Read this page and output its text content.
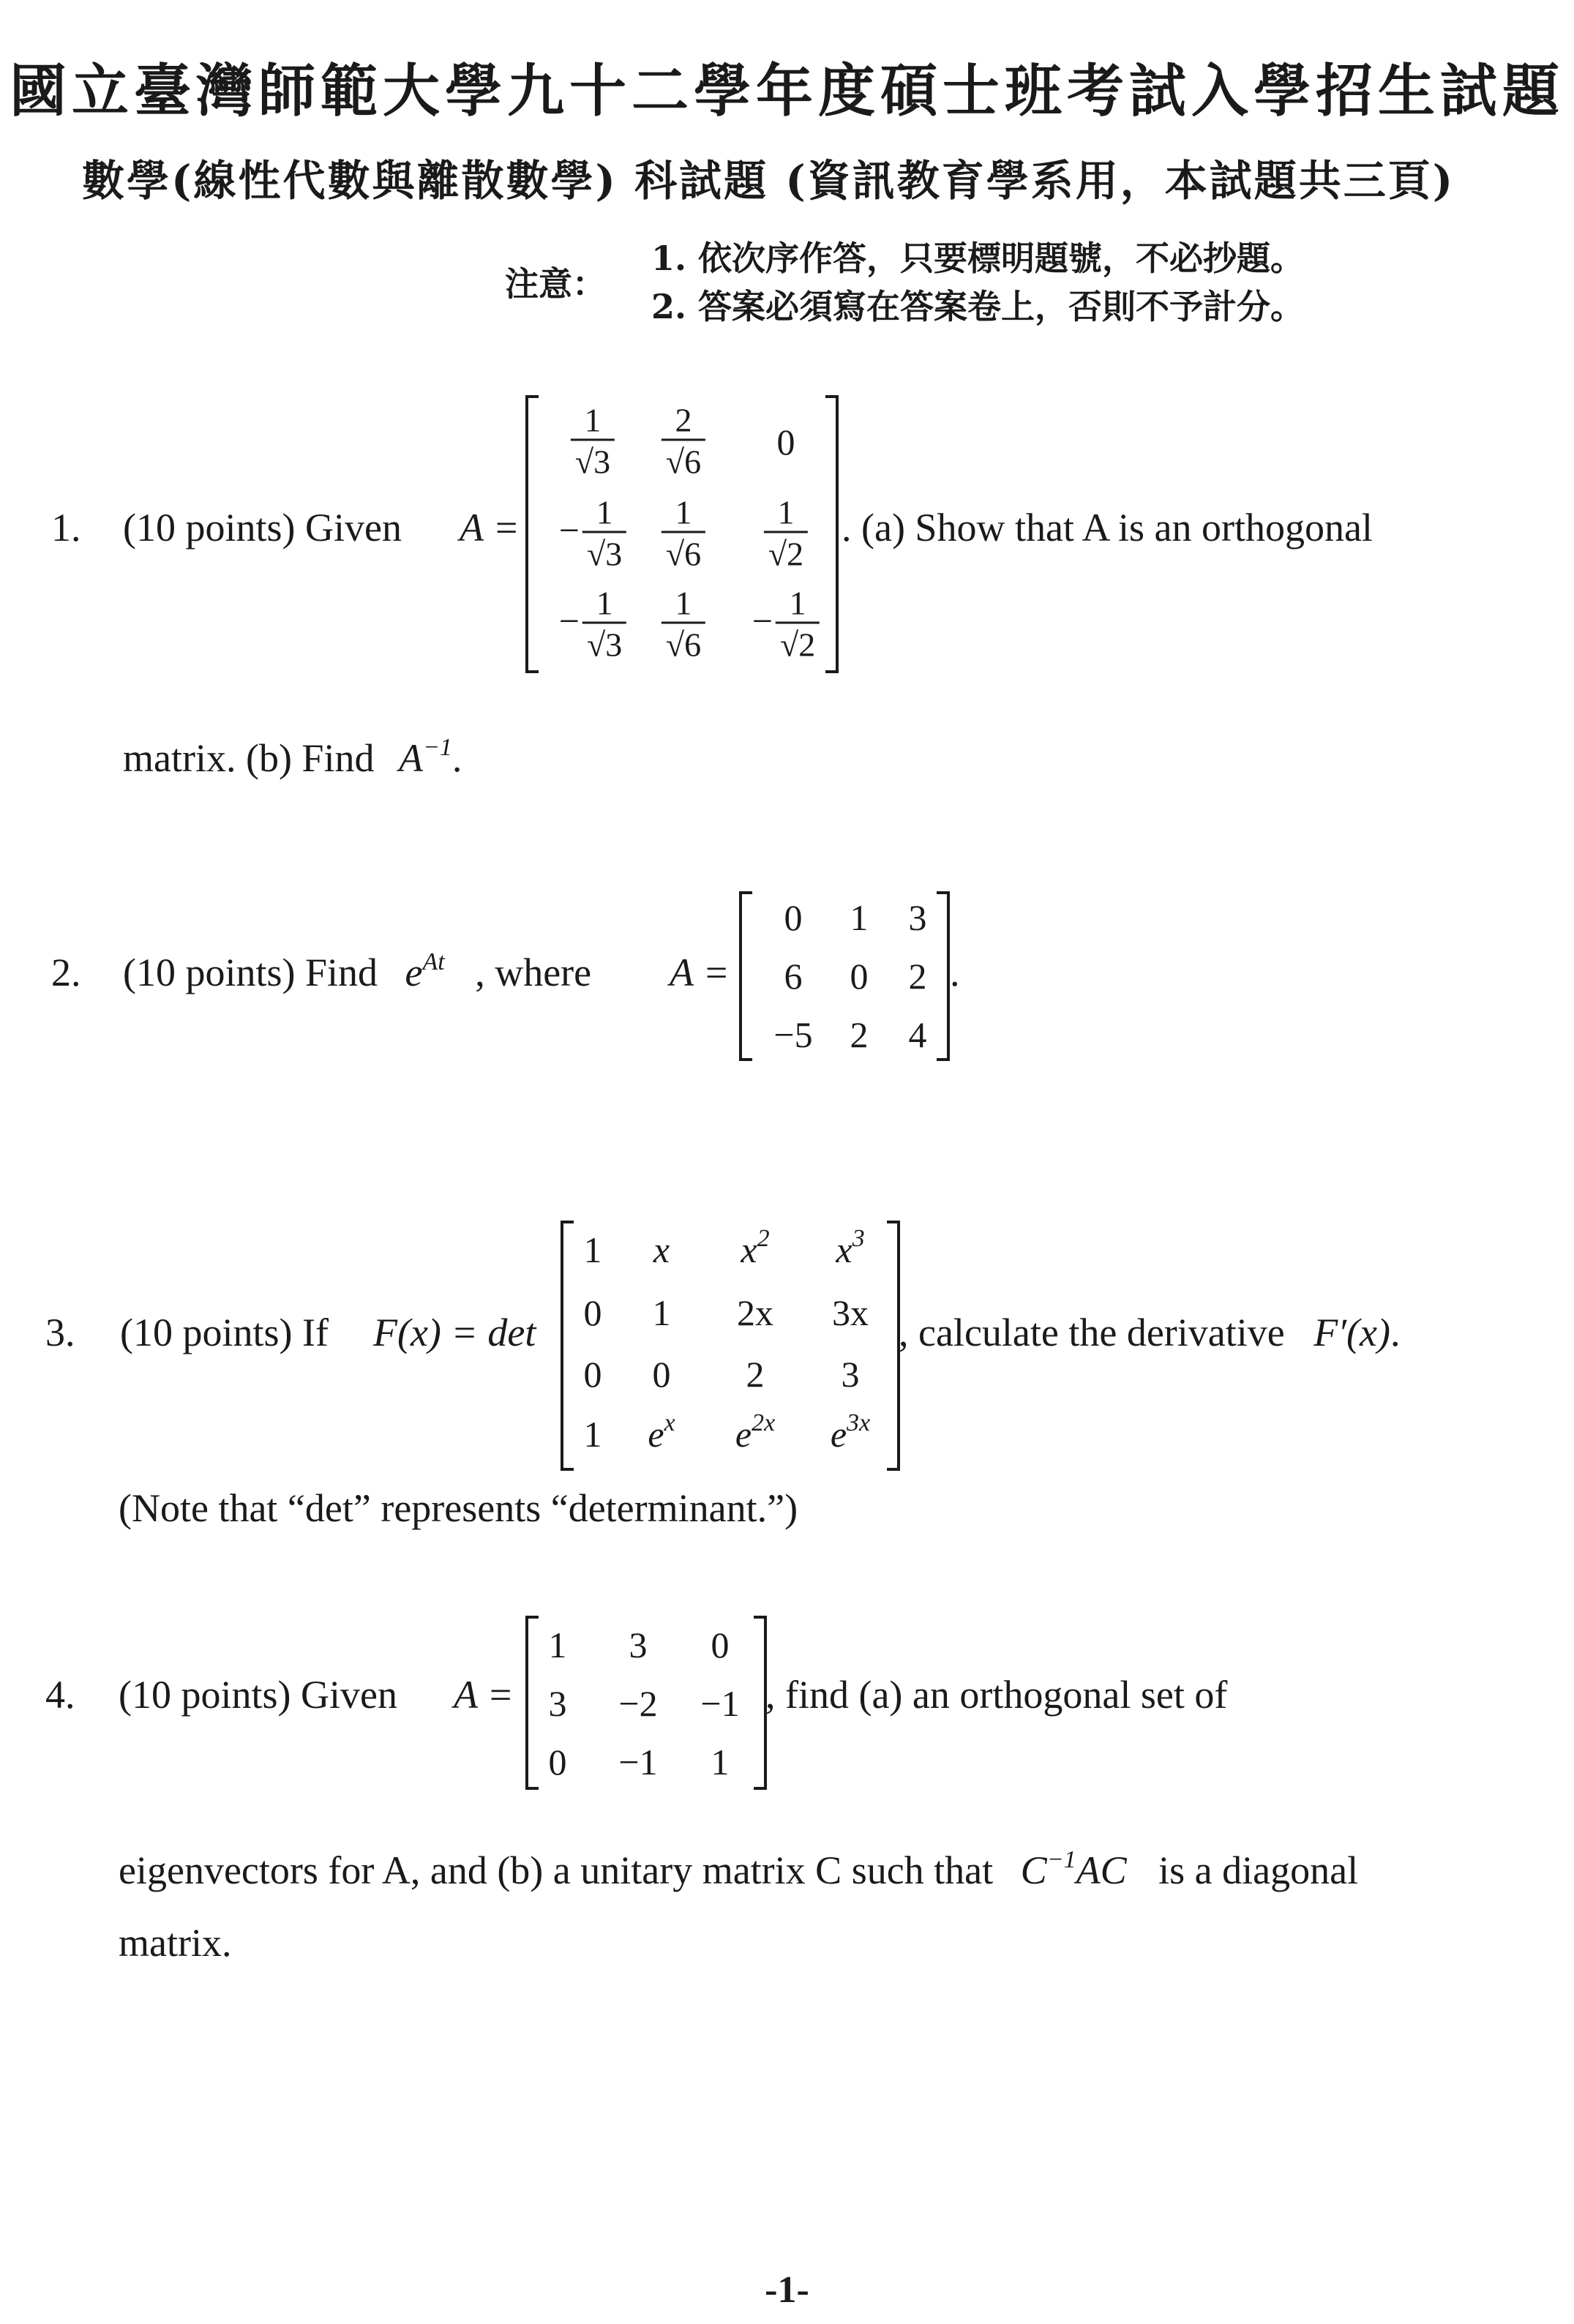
國立臺灣師範大學九十二學年度碩士班考試入學招生試題
數學(線性代數與離散數學) 科試題 (資訊教育學系用，本試題共三頁)
注意：
1. 依次序作答，只要標明題號，不必抄題。
2. 答案必須寫在答案卷上，否則不予計分。
1. (10 points) Given A =
$\frac{1}{√3} \frac{2}{√6} 0$
− $\frac{1}{√3} \frac{1}{√6} \frac{1}{√2}$
− $\frac{1}{√3} \frac{1}{√6} - \frac{1}{√2}$
. (a) Show that A is an orthogonal
matrix. (b) Find $A^{-1}$.
2. (10 points) Find $e^{At}$ , where A =
0 1 3
6 0 2
−5 2 4
.
3. (10 points) If F(x) = det
1 x $x^2$ $x^3$
0 1 2x 3x
0 0 2 3
1 $e^x$ $e^{2x}$ $e^{3x}$
, calculate the derivative F′(x).
(Note that “det” represents “determinant.”)
4. (10 points) Given A =
1 3 0
3 −2 −1
0 −1 1
, find (a) an orthogonal set of
eigenvectors for A, and (b) a unitary matrix C such that $C^{-1}AC$ is a diagonal
matrix.
-1-
